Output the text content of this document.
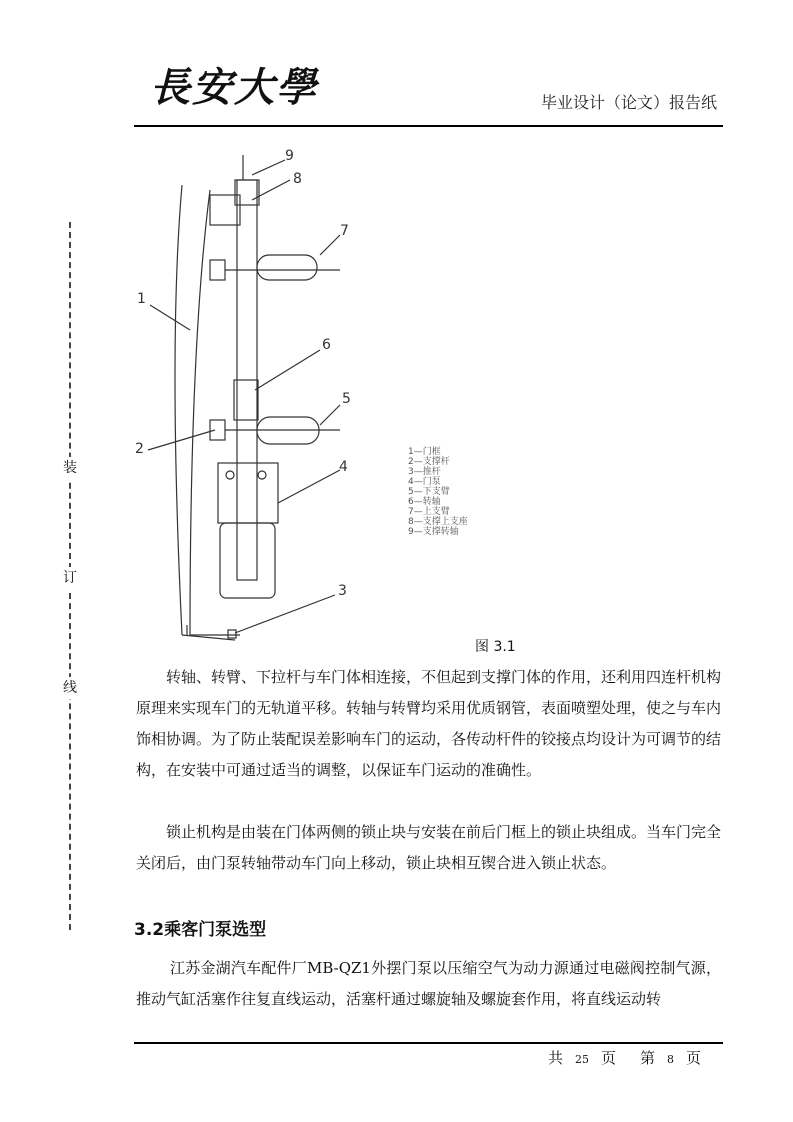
長安大學	毕业设计（论文）报告纸
装
订
线
9
8
7
6
5
4
3
2
1
1—门框
2—支撑杆
3—推杆
4—门泵
5—下支臂
6—转轴
7—上支臂
8—支撑上支座
9—支撑转轴
图 3.1
转轴、转臂、下拉杆与车门体相连接，不但起到支撑门体的作用，还利用四连杆机构原理来实现车门的无轨道平移。转轴与转臂均采用优质钢管，表面喷塑处理，使之与车内饰相协调。为了防止装配误差影响车门的运动，各传动杆件的铰接点均设计为可调节的结构，在安装中可通过适当的调整，以保证车门运动的准确性。
锁止机构是由装在门体两侧的锁止块与安装在前后门框上的锁止块组成。当车门完全关闭后，由门泵转轴带动车门向上移动，锁止块相互锲合进入锁止状态。
3.2乘客门泵选型
江苏金湖汽车配件厂MB-QZ1外摆门泵以压缩空气为动力源通过电磁阀控制气源，推动气缸活塞作往复直线运动，活塞杆通过螺旋轴及螺旋套作用，将直线运动转
共 25 页 第 8 页
